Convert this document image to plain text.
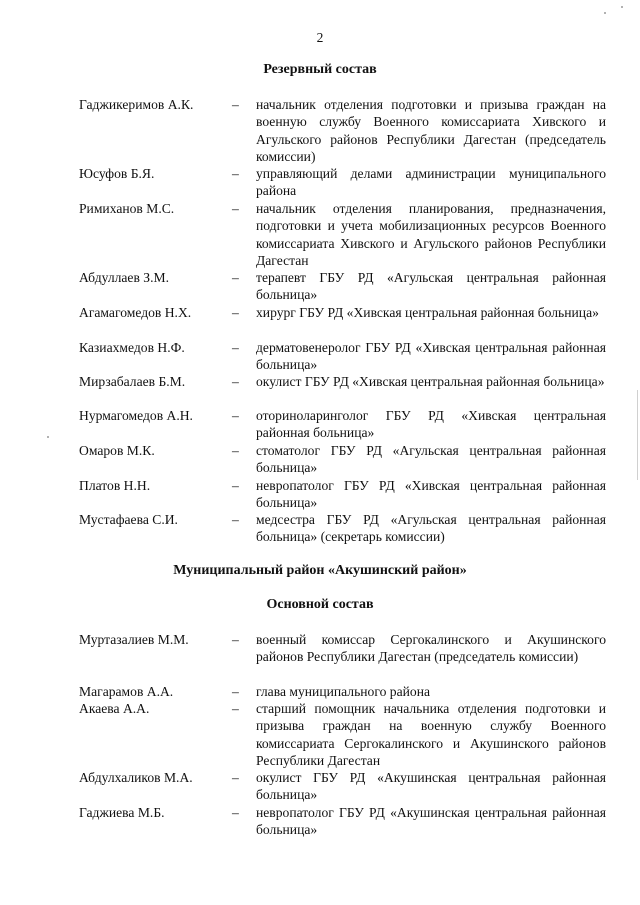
2
Резервный состав
Гаджикеримов А.К.	– начальник отделения подготовки и призыва граждан на военную службу Военного комиссариата Хивского и Агульского районов Республики Дагестан (председатель комиссии)
Юсуфов Б.Я.	– управляющий делами администрации муниципального района
Римиханов М.С.	– начальник отделения планирования, предназначения, подготовки и учета мобилизационных ресурсов Военного комиссариата Хивского и Агульского районов Республики Дагестан
Абдуллаев З.М.	– терапевт ГБУ РД «Агульская центральная районная больница»
Агамагомедов Н.Х.	– хирург ГБУ РД «Хивская центральная районная больница»
Казиахмедов Н.Ф.	– дерматовенеролог ГБУ РД «Хивская центральная районная больница»
Мирзабалаев Б.М.	– окулист ГБУ РД «Хивская центральная районная больница»
Нурмагомедов А.Н.	– оториноларинголог ГБУ РД «Хивская центральная районная больница»
Омаров М.К.	– стоматолог ГБУ РД «Агульская центральная районная больница»
Платов Н.Н.	– невропатолог ГБУ РД «Хивская центральная районная больница»
Мустафаева С.И.	– медсестра ГБУ РД «Агульская центральная районная больница» (секретарь комиссии)
Муниципальный район «Акушинский район»
Основной состав
Муртазалиев М.М.	– военный комиссар Сергокалинского и Акушинского районов Республики Дагестан (председатель комиссии)
Магарамов А.А.	– глава муниципального района
Акаева А.А.	– старший помощник начальника отделения подготовки и призыва граждан на военную службу Военного комиссариата Сергокалинского и Акушинского районов Республики Дагестан
Абдулхаликов М.А.	– окулист ГБУ РД «Акушинская центральная районная больница»
Гаджиева М.Б.	– невропатолог ГБУ РД «Акушинская центральная районная больница»
